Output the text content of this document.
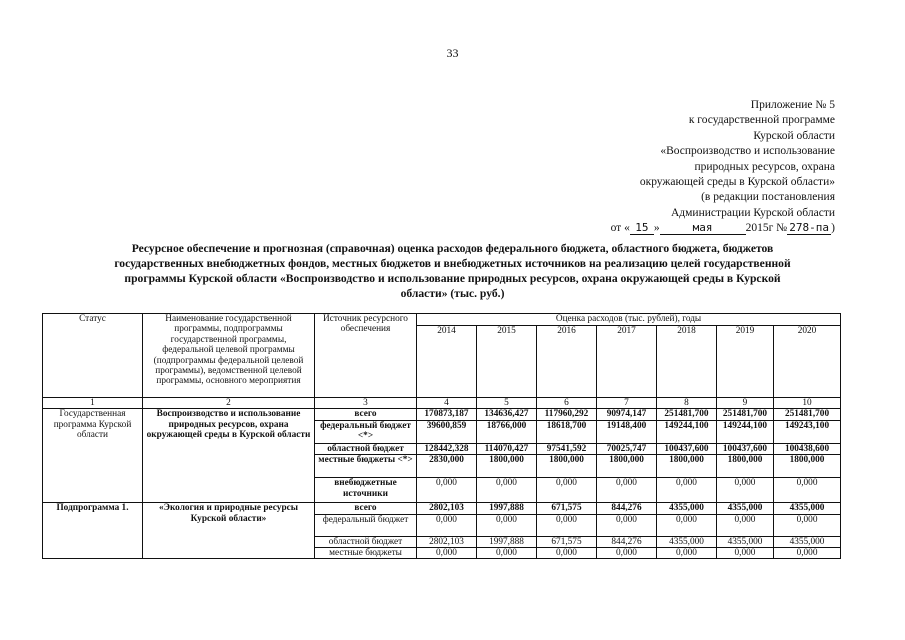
33
Приложение № 5
к государственной программе
Курской области
«Воспроизводство и использование
природных ресурсов, охрана
окружающей среды в Курской области»
(в редакции постановления
Администрации Курской области
от « 15 »	мая	2015г № 278-па )
Ресурсное обеспечение и прогнозная (справочная) оценка расходов федерального бюджета, областного бюджета, бюджетов
государственных внебюджетных фондов, местных бюджетов и внебюджетных источников на реализацию целей государственной
программы Курской области «Воспроизводство и использование природных ресурсов, охрана окружающей среды в Курской
области» (тыс. руб.)
Статус	Наименование государственной программы, подпрограммы государственной программы, федеральной целевой программы (подпрограммы федеральной целевой программы), ведомственной целевой программы, основного мероприятия	Источник ресурсного обеспечения	Оценка расходов (тыс. рублей), годы						
			2014	2015	2016	2017	2018	2019	2020
1	2	3	4	5	6	7	8	9	10
Государственная программа Курской области	Воспроизводство и использование природных ресурсов, охрана окружающей среды в Курской области	всего	170873,187	134636,427	117960,292	90974,147	251481,700	251481,700	251481,700
		федеральный бюджет <*>	39600,859	18766,000	18618,700	19148,400	149244,100	149244,100	149243,100
		областной бюджет	128442,328	114070,427	97541,592	70025,747	100437,600	100437,600	100438,600
		местные бюджеты <*>	2830,000	1800,000	1800,000	1800,000	1800,000	1800,000	1800,000
		внебюджетные источники	0,000	0,000	0,000	0,000	0,000	0,000	0,000
Подпрограмма 1.	«Экология и природные ресурсы Курской области»	всего	2802,103	1997,888	671,575	844,276	4355,000	4355,000	4355,000
		федеральный бюджет	0,000	0,000	0,000	0,000	0,000	0,000	0,000
		областной бюджет	2802,103	1997,888	671,575	844,276	4355,000	4355,000	4355,000
		местные бюджеты	0,000	0,000	0,000	0,000	0,000	0,000	0,000
